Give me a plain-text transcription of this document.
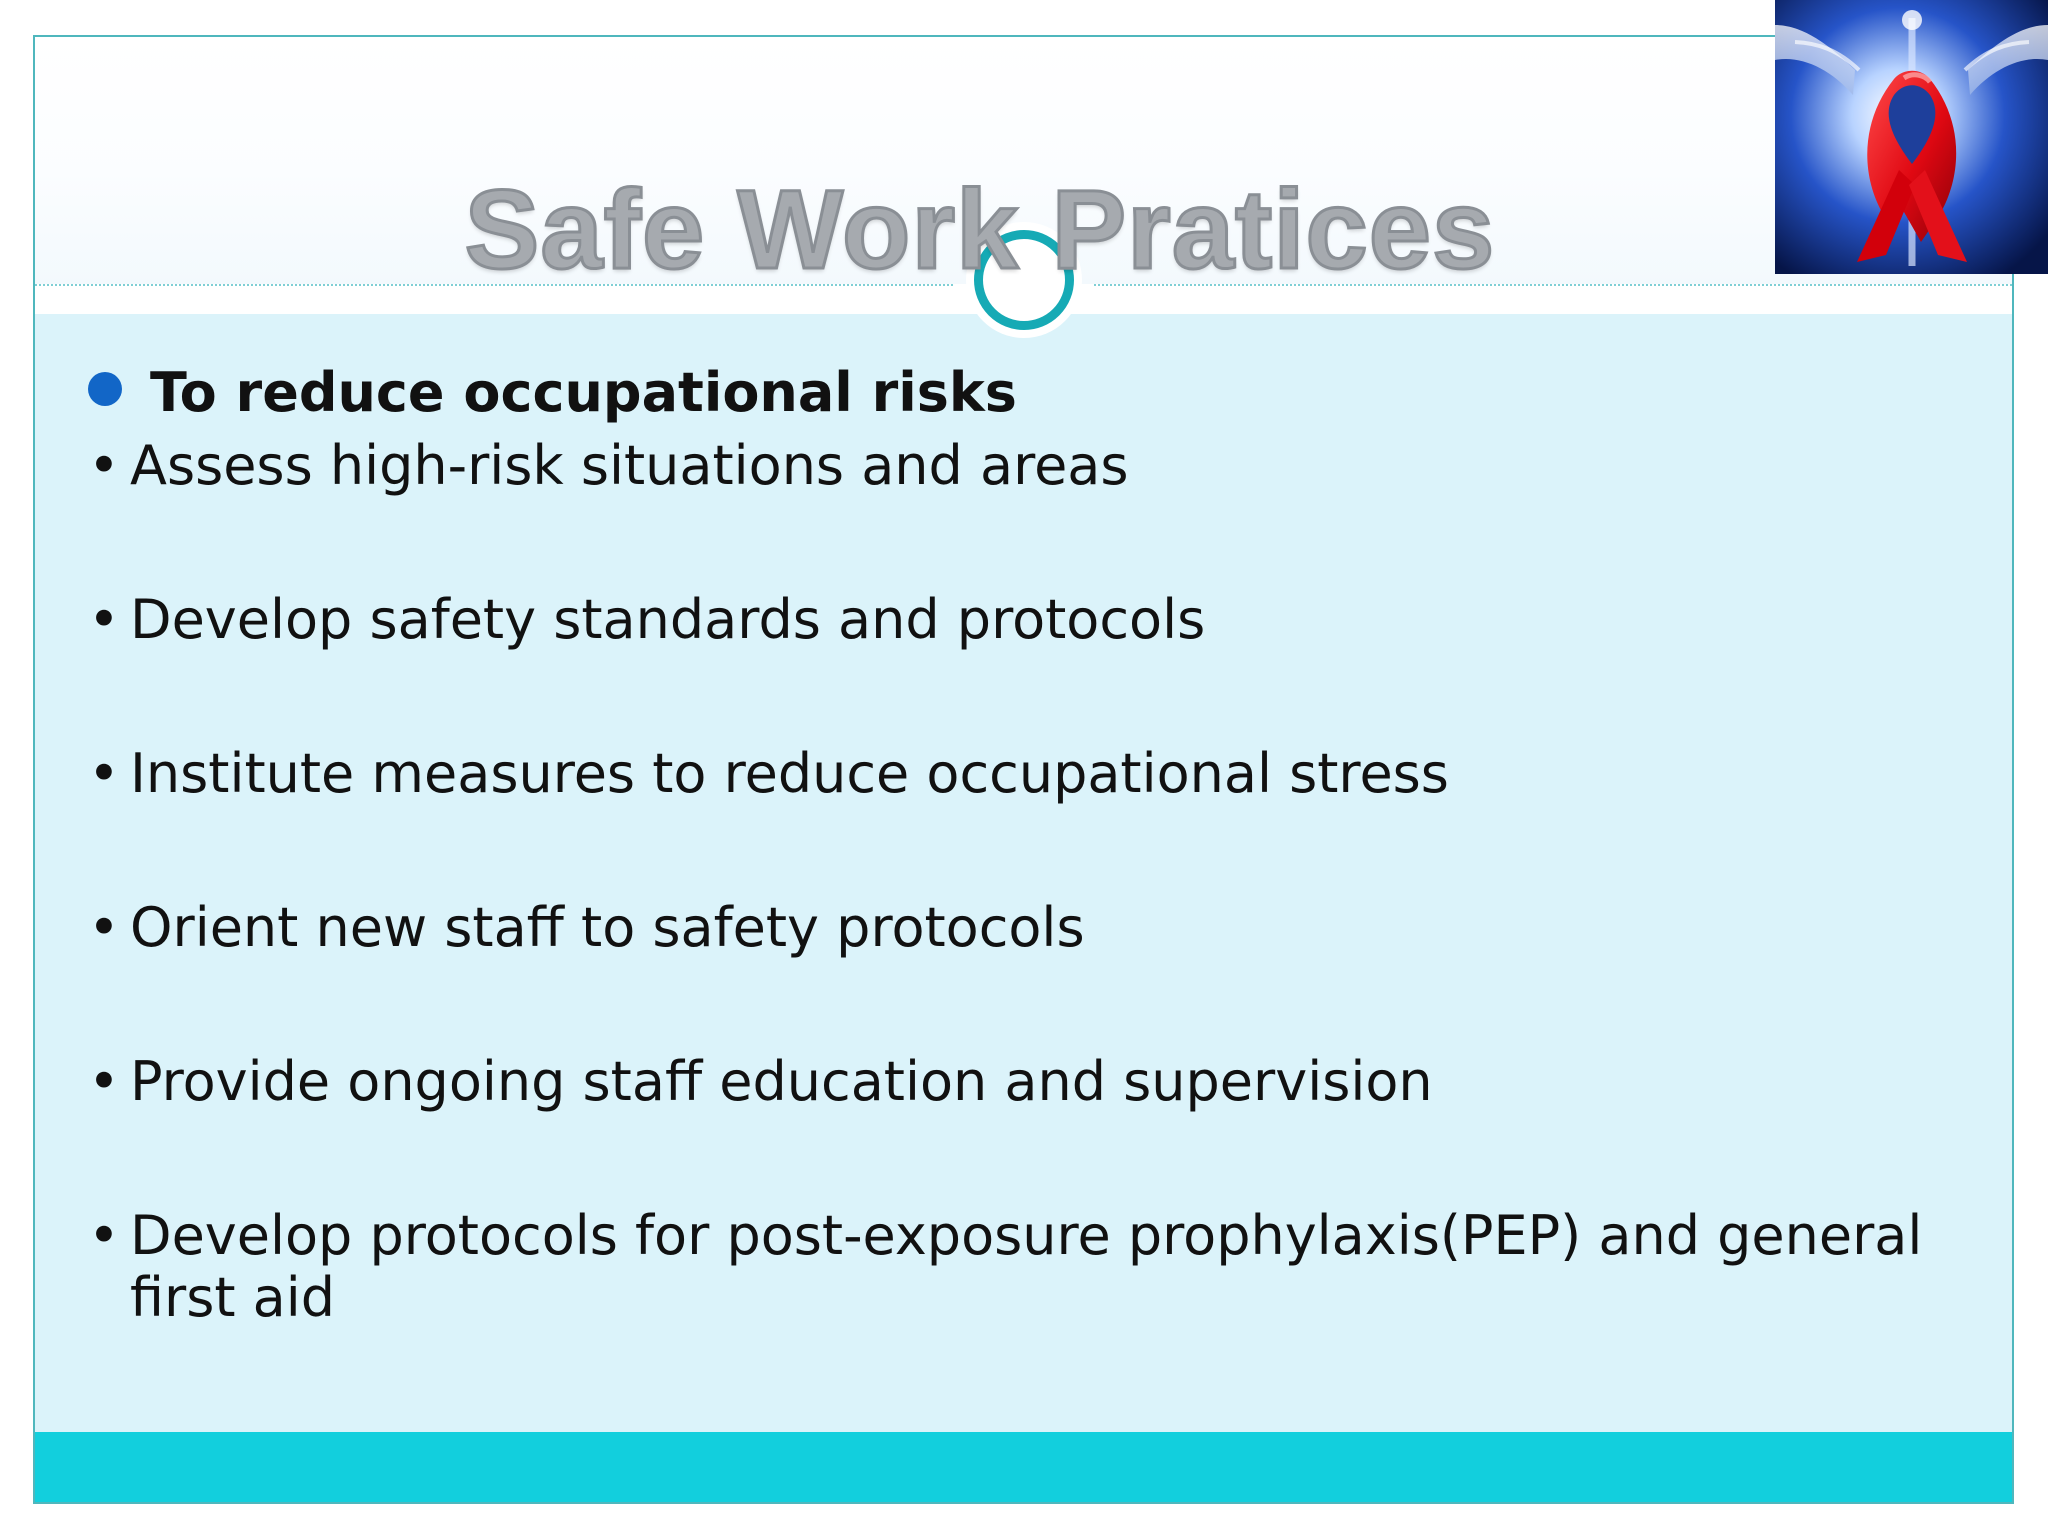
Safe Work Pratices
To reduce occupational risks
• Assess high-risk situations and areas
• Develop safety standards and protocols
• Institute measures to reduce occupational stress
• Orient new staff to safety protocols
• Provide ongoing staff education and supervision
• Develop protocols for post-exposure prophylaxis(PEP) and general first aid
